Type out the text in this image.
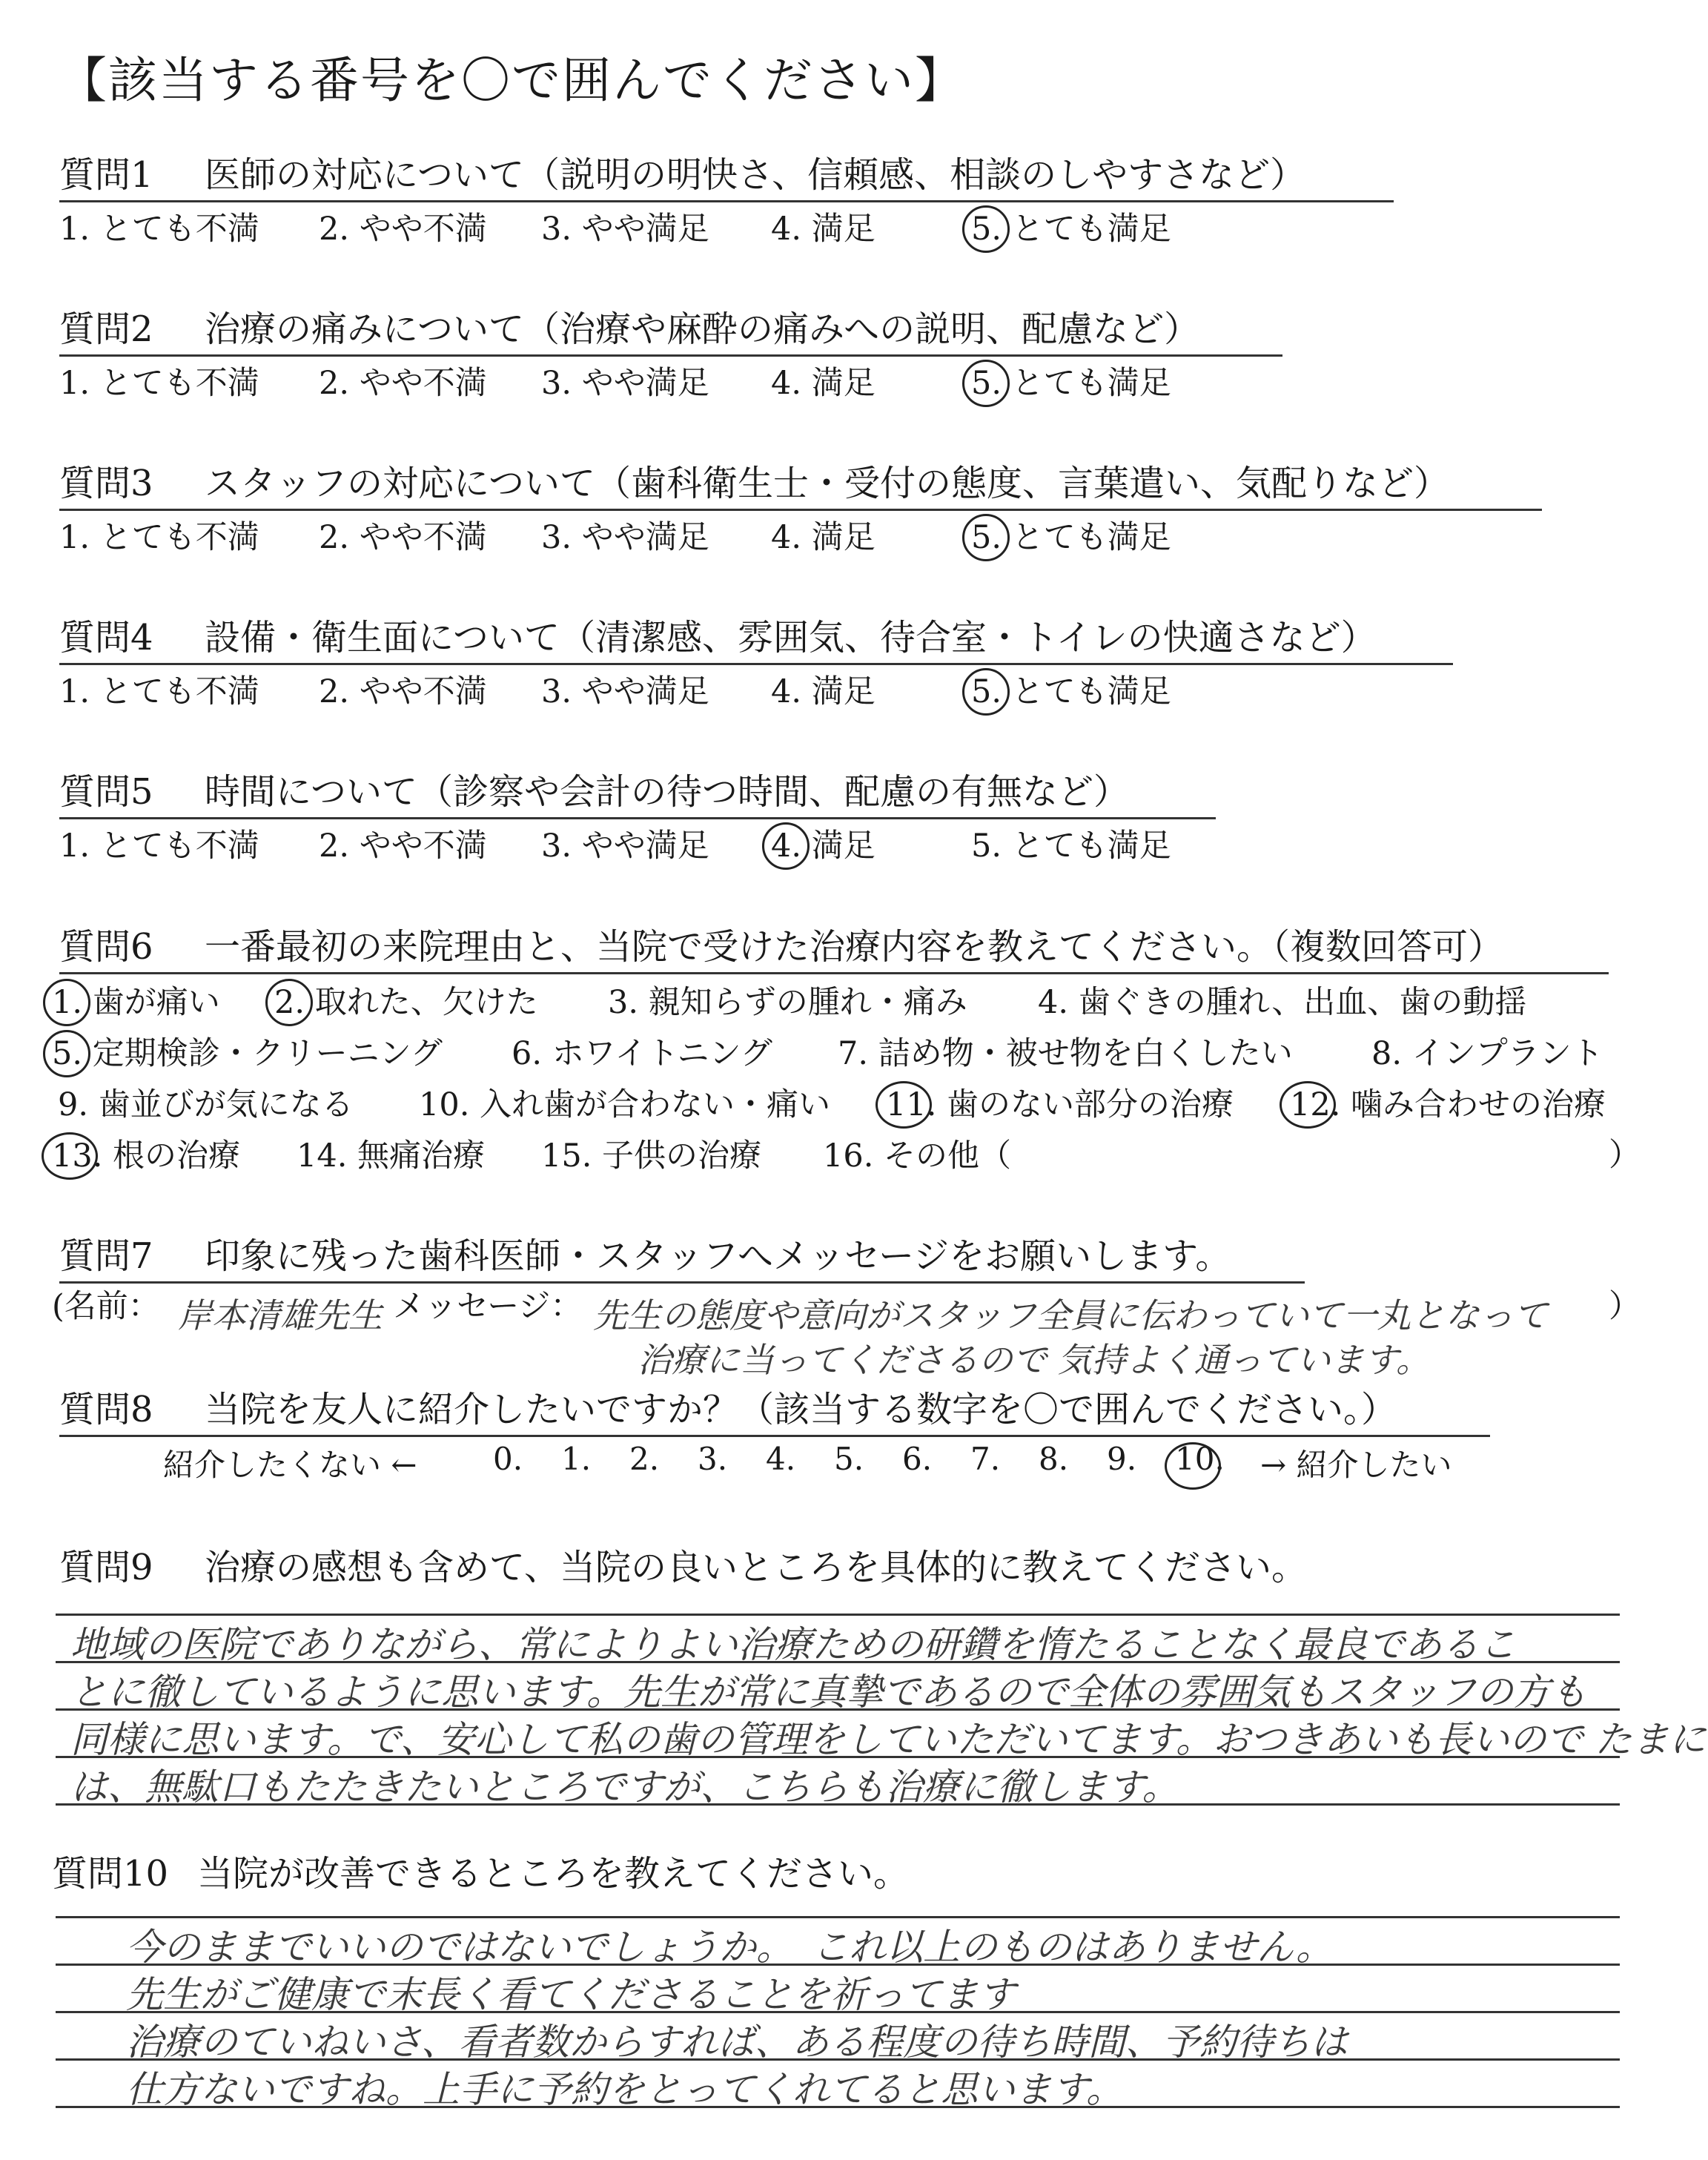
【該当する番号を〇で囲んでください】
質問1 医師の対応について（説明の明快さ、信頼感、相談のしやすさなど）
1. とても不満 2. やや不満 3. やや満足 4. 満足	5. とても満足
質問2 治療の痛みについて（治療や麻酔の痛みへの説明、配慮など）
1. とても不満 2. やや不満 3. やや満足 4. 満足	5. とても満足
質問3 スタッフの対応について（歯科衛生士・受付の態度、言葉遣い、気配りなど）
1. とても不満 2. やや不満 3. やや満足 4. 満足	5. とても満足
質問4 設備・衛生面について（清潔感、雰囲気、待合室・トイレの快適さなど）
1. とても不満 2. やや不満 3. やや満足 4. 満足	5. とても満足
質問5 時間について（診察や会計の待つ時間、配慮の有無など）
1. とても不満 2. やや不満 3. やや満足 4. 満足	5. とても満足
質問6 一番最初の来院理由と、当院で受けた治療内容を教えてください。（複数回答可）
1. 歯が痛い 2. 取れた、欠けた 3. 親知らずの腫れ・痛み 4. 歯ぐきの腫れ、出血、歯の動揺
5. 定期検診・クリーニング 6. ホワイトニング 7. 詰め物・被せ物を白くしたい 8. インプラント
9. 歯並びが気になる 10. 入れ歯が合わない・痛い 11. 歯のない部分の治療 12. 噛み合わせの治療
13. 根の治療 14. 無痛治療 15. 子供の治療 16. その他（	）
質問7 印象に残った歯科医師・スタッフへメッセージをお願いします。
(名前： 岸本清雄先生 メッセージ： 先生の態度や意向がスタッフ全員に伝わっていて一丸となって
治療に当ってくださるので 気持よく通っています。
）
質問8 当院を友人に紹介したいですか？（該当する数字を〇で囲んでください。）
紹介したくない ← 0. 1. 2. 3. 4. 5. 6. 7. 8. 9. 10. → 紹介したい
質問9 治療の感想も含めて、当院の良いところを具体的に教えてください。
地域の医院でありながら、常によりよい治療ための研鑽を惰たることなく最良であるこ
とに徹しているように思います。先生が常に真摯であるので全体の雰囲気もスタッフの方も
同様に思います。で、安心して私の歯の管理をしていただいてます。おつきあいも長いので たまに
は、無駄口もたたきたいところですが、こちらも治療に徹します。
質問10 当院が改善できるところを教えてください。
今のままでいいのではないでしょうか。　これ以上のものはありません。
先生がご健康で末長く看てくださることを祈ってます
治療のていねいさ、看者数からすれば、ある程度の待ち時間、予約待ちは
仕方ないですね。上手に予約をとってくれてると思います。
